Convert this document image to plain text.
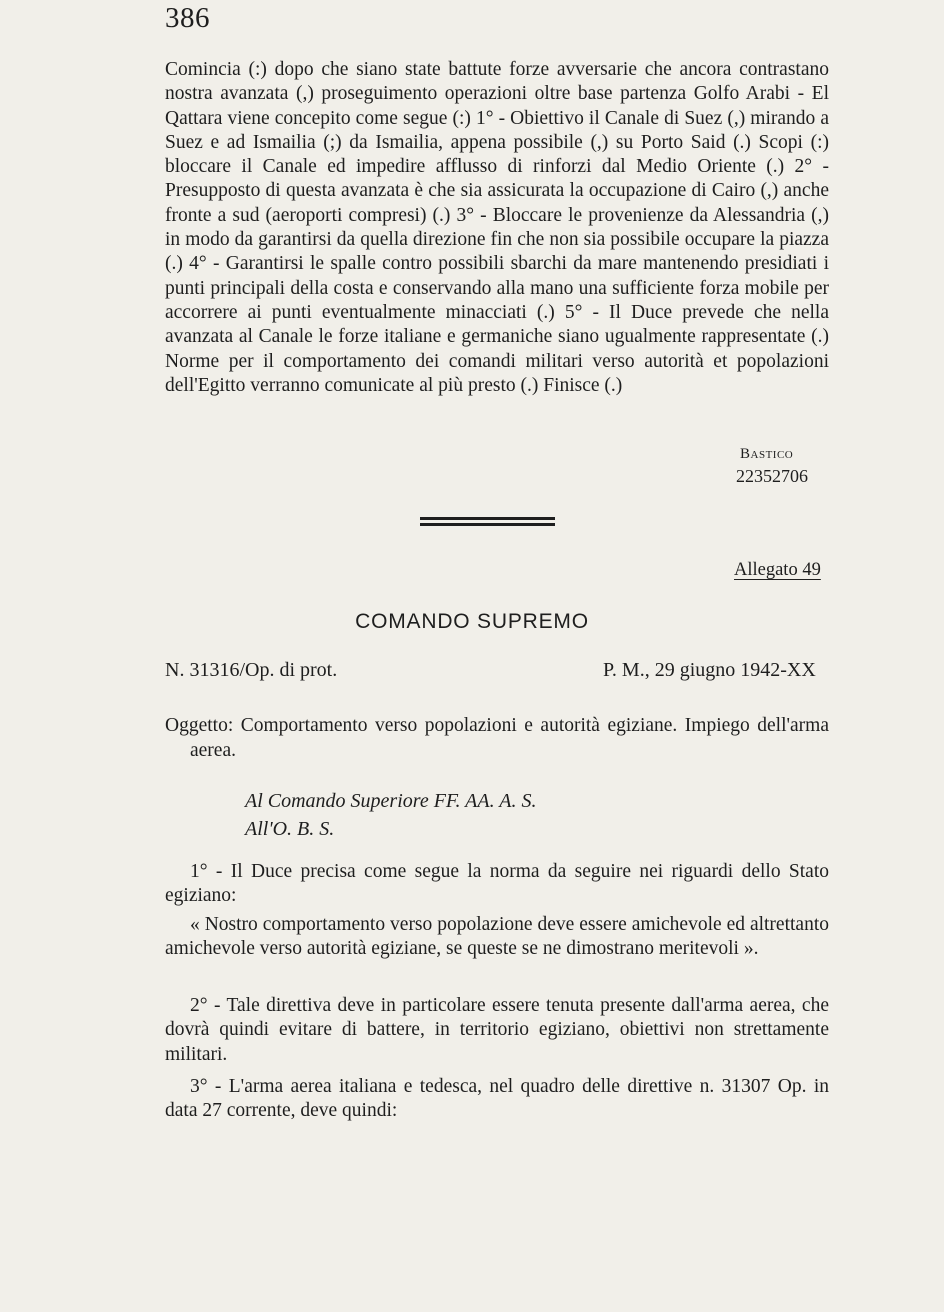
386

Comincia (:) dopo che siano state battute forze avversarie che ancora contrastano nostra avanzata (,) proseguimento operazioni oltre base partenza Golfo Arabi - El Qattara viene concepito come segue (:) 1° - Obiettivo il Canale di Suez (,) mirando a Suez e ad Ismailia (;) da Ismailia, appena possibile (,) su Porto Said (.) Scopi (:) bloccare il Canale ed impedire afflusso di rinforzi dal Medio Oriente (.) 2° - Presupposto di questa avanzata è che sia assicurata la occupazione di Cairo (,) anche fronte a sud (aeroporti compresi) (.) 3° - Bloccare le provenienze da Alessandria (,) in modo da garantirsi da quella direzione fin che non sia possibile occupare la piazza (.) 4° - Garantirsi le spalle contro possibili sbarchi da mare mantenendo presidiati i punti principali della costa e conservando alla mano una sufficiente forza mobile per accorrere ai punti eventualmente minacciati (.) 5° - Il Duce prevede che nella avanzata al Canale le forze italiane e germaniche siano ugualmente rappresentate (.) Norme per il comportamento dei comandi militari verso autorità et popolazioni dell'Egitto verranno comunicate al più presto (.) Finisce (.)

Bastico
22352706
Allegato 49
COMANDO SUPREMO
N. 31316/Op. di prot.	P. M., 29 giugno 1942-XX

Oggetto: Comportamento verso popolazioni e autorità egiziane. Impiego dell'arma aerea.

Al Comando Superiore FF. AA. A. S.
All'O. B. S.

1° - Il Duce precisa come segue la norma da seguire nei riguardi dello Stato egiziano:

« Nostro comportamento verso popolazione deve essere amichevole ed altrettanto amichevole verso autorità egiziane, se queste se ne dimostrano meritevoli ».

2° - Tale direttiva deve in particolare essere tenuta presente dall'arma aerea, che dovrà quindi evitare di battere, in territorio egiziano, obiettivi non strettamente militari.

3° - L'arma aerea italiana e tedesca, nel quadro delle direttive n. 31307 Op. in data 27 corrente, deve quindi:
